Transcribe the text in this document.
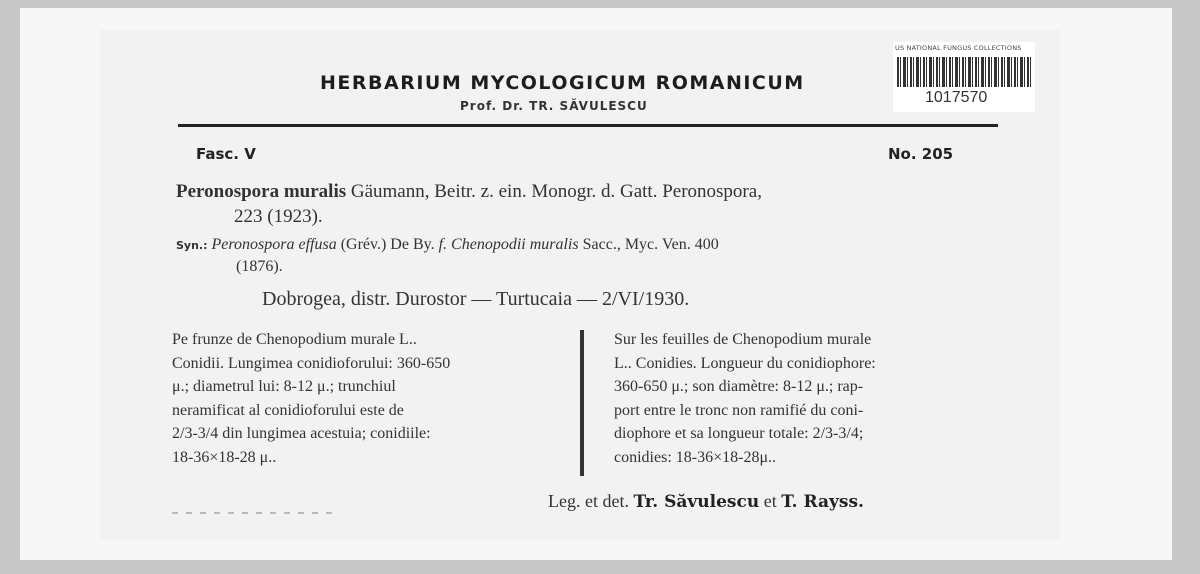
HERBARIUM MYCOLOGICUM ROMANICUM
Prof. Dr. TR. SĂVULESCU
US NATIONAL FUNGUS COLLECTIONS
1017570
Fasc. V	No. 205
Peronospora muralis Gäumann, Beitr. z. ein. Monogr. d. Gatt. Peronospora,
223 (1923).
Syn.: Peronospora effusa (Grév.) De By. f. Chenopodii muralis Sacc., Myc. Ven. 400
(1876).
Dobrogea, distr. Durostor — Turtucaia — 2/VI/1930.
Pe frunze de Chenopodium murale L..
Conidii. Lungimea conidioforului: 360-650
μ.; diametrul lui: 8-12 μ.; trunchiul
neramificat al conidioforului este de
2/3-3/4 din lungimea acestuia; conidiile:
18-36×18-28 μ..
Sur les feuilles de Chenopodium murale
L.. Conidies. Longueur du conidiophore:
360-650 μ.; son diamètre: 8-12 μ.; rap-
port entre le tronc non ramifié du coni-
diophore et sa longueur totale: 2/3-3/4;
conidies: 18-36×18-28μ..
Leg. et det. Tr. Săvulescu et T. Rayss.
